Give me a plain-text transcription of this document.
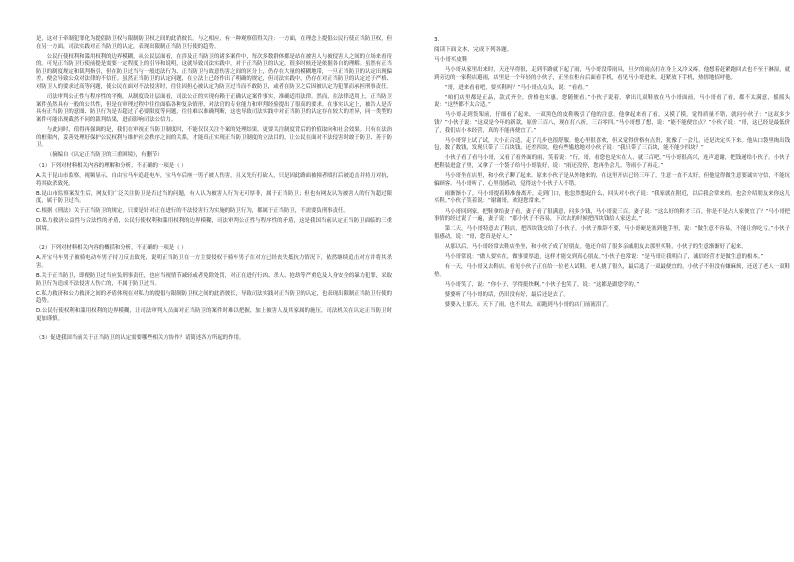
是，这对于牵制犯罪化为提倡防卫权与限制防卫权之间的此消彼长。与之相应，有一种观察值得关注：一方面，在理念上提倡公民行使正当防卫权，但在另一方面，司法实践对正当防卫的认定，表现出限制正当防卫行使的趋势。

公民行使权利和滥用权利的边界模糊，从公民层面看，在涉及正当防卫的诸多案件中，每次多数群体都是站在被害人与被侵害人之间的立场来看待的。可见正当防卫行使前提是需要一定程度上的引导和说明，这就导致司法实践中，对于正当防卫的认定，很多时候还是依据各自的理解。虽然有正当防卫的制度规定和裁判指引，但在防卫过当与一般违法行为、正当防卫与故意伤害之间的区分上，仍存在大量的模糊地带，一旦正当防卫的认定出现偏差，便会导致公众对法律的不信任。虽然正当防卫的认定问题，在立法上已经作出了明确的规定，但司法实践中，仍存在对正当防卫的认定过于严格、对防卫人的要求过高等问题，使公民在面对不法侵害时，往往因担心被认定为防卫过当而不敢防卫，或者在防卫之后因被认定为犯罪而承担刑事责任。

司法审判公正性与程序性的平衡。从制度设计层面看，司法公正的实现有赖于正确认定案件事实，准确适用法律。然而，在法律适用上，正当防卫案件虽然具有一般的公共性，但是在审理过程中往往面临各种复杂情形，对法官的专业能力和审判经验提出了很高的要求。在事实认定上，被告人是否具有正当防卫的意图、防卫行为是否超过了必要限度等问题，往往难以准确判断，这也导致司法实践中对正当防卫的认定存在较大的差异，同一类型的案件可能出现截然不同的裁判结果，进而影响司法公信力。

与此同时，值得再强调的是，我们在审视正当防卫制度时，不能仅仅关注个案的处理结果，更要关注制度背后的价值取向和社会效果。只有在法治的框架内，妥善处理好保护公民权利与维护社会秩序之间的关系，才能真正实现正当防卫制度的立法目的，让公民在面对不法侵害时敢于防卫、善于防卫。

（摘编自《认定正当防卫的三重困境》，有删节）

（1）下列对材料相关内容的理解和分析，不正确的一项是（ ）

A.关于昆山市监察，视频显示，自由宝马车追赶电车，宝马车后座一男子被人伤害，且又先行打砍人，只是因此路面被撞者殴打后被追击并持刀对抗，将其砍杀致死。

B.昆山市监察案发生后，网友们广泛关注防卫是否过当的问题，有人认为被害人行为无可厚非，属于正当防卫；但也有网友认为被害人的行为超过限度，属于防卫过当。

C.根据《刑法》关于正当防卫的规定，只要是针对正在进行的不法侵害行为实施的防卫行为，都属于正当防卫，不需要负刑事责任。

D.私力救济公益性与合法性的矛盾，公民行使权利和滥用权利的边界模糊，司法审判公正性与程序性的矛盾，这是我国当前认定正当防卫面临的三重困境。

（2）下列对材料相关内容的概括和分析，不正确的一项是（ ）

A.开宝马车男子被骑电动车男子持刀反击致死，说明正当防卫在一方主要侵权于骑车男子在对方已经丧失抵抗力情况下，依然继续追击对方并将其杀害。

B.关于正当防卫，即便防卫过当应负刑事责任，也应当视情节减轻或者免除处罚，对正在进行行凶、杀人、抢劫等严重危及人身安全的暴力犯罪，采取防卫行为造成不法侵害人伤亡的，不属于防卫过当。

C.私力救济和公力救济之间的矛盾体现在对私力的提倡与限制防卫权之间的此消彼长，导致司法实践对正当防卫的认定，也表现出限制正当防卫行使的趋势。

D.公民行使权利和滥用权利的边界模糊，让司法审判人员面对正当防卫的案件时难以把握，加上被害人及其家属的施压，司法机关在认定正当防卫时更加谨慎。

（3）促进我国当前关于正当防卫的认定需要哪些相关方协作？请简述各方所起的作用。

3.

阅读下面文本，完成下列各题。

马小哥买皮鞋

马小哥从家里出来时，天还早得很，走到半路就下起了雨，马小哥没带雨具，旦夕的雨点打在身上又冷又疼，他想着赶紧跑回去也不至于淋湿，就到旁边的一家鞋店避雨，店里是一个年轻的小伙子，正坐在柜台后面看手机，看见马小哥进来，赶紧放下手机，热情地招呼他。

“哥，进来看看吧，要买鞋吗？”马小哥点点头，说：“看看。”

“咱们店里都是正品，款式齐全，价格也实惠，您随便看。”小伙子说着，拿出几双鞋放在马小哥面前，马小哥看了看，都不太满意，摇摇头说：“这些都不太合适。”

马小哥走到货架前，仔细看了起来，一双黑色的皮鞋吸引了他的注意。他拿起来看了看，又摸了摸，觉得质量不错，就问小伙子：“这双多少钱？”小伙子说：“这双是今年的新款，原价三百八，现在打八折，三百零四。”马小哥想了想，说：“能不能便宜点？”小伙子说：“哥，这已经是最低价了，我们店小本经营，真的不能再便宜了。”

马小哥穿上试了试，大小正合适，走了几步也很舒服。他心里很喜欢，但又觉得价格有点贵，犹豫了一会儿，还是决定买下来。他从口袋里掏出钱包，数了数钱，发现只带了三百块钱，还差四块。他有些尴尬地对小伙子说：“我只带了三百块，能不能少四块？”

小伙子看了看马小哥，又看了看外面的雨，笑着说：“行，哥，看您也是实在人，就三百吧。”马小哥很高兴，连声道谢，把钱递给小伙子。小伙子把鞋装进盒子里，又拿了一个袋子给马小哥装好，说：“雨还没停，您再坐会儿，等雨小了再走。”

马小哥坐在店里，和小伙子聊了起来。原来小伙子是从外地来的，在这里开店已经三年了，生意一直不太好，但他觉得做生意要诚实守信，不能坑骗顾客。马小哥听了，心里很感动，觉得这个小伙子人不错。

雨渐渐小了，马小哥提着鞋准备离开。走到门口，他忽然想起什么，回头对小伙子说：“我家就在附近，以后我会常来的，也会介绍朋友来你这儿买鞋。”小伙子笑着说：“谢谢哥，欢迎您常来。”

马小哥回到家，把鞋拿给妻子看，妻子看了很满意，问多少钱，马小哥说三百。妻子说：“这么好的鞋才三百，你是不是占人家便宜了？”马小哥把事情的经过说了一遍，妻子说：“那小伙子不容易，下次去的时候把四块钱给人家送去。”

第二天，马小哥特意去了鞋店，把四块钱交给了小伙子。小伙子推辞不要，马小哥硬是塞到他手里，说：“做生意不容易，不能让你吃亏。”小伙子很感动，说：“哥，您真是好人。”

从那以后，马小哥经常去鞋店坐坐，和小伙子成了好朋友。他还介绍了很多亲戚朋友去那里买鞋，小伙子的生意渐渐好了起来。

马小哥常说：“做人要实在，做事要厚道，这样才能交到真心朋友。”小伙子也常说：“是马哥让我明白了，诚信经营才是做生意的根本。”

有一天，马小哥又去鞋店，看见小伙子正在给一位老人试鞋，老人挑了很久，最后选了一双最便宜的。小伙子不但没有嫌麻烦，还送了老人一双鞋垫。

马小哥笑了，说：“你小子，学得挺快啊。”小伙子也笑了，说：“这都是跟您学的。”

婆婆听了马小哥的话，仍旧没有好，最后还是去了。

婆婆入土那天，天下了雨，也不用去，而跑到马小哥的店门前流泪了。
